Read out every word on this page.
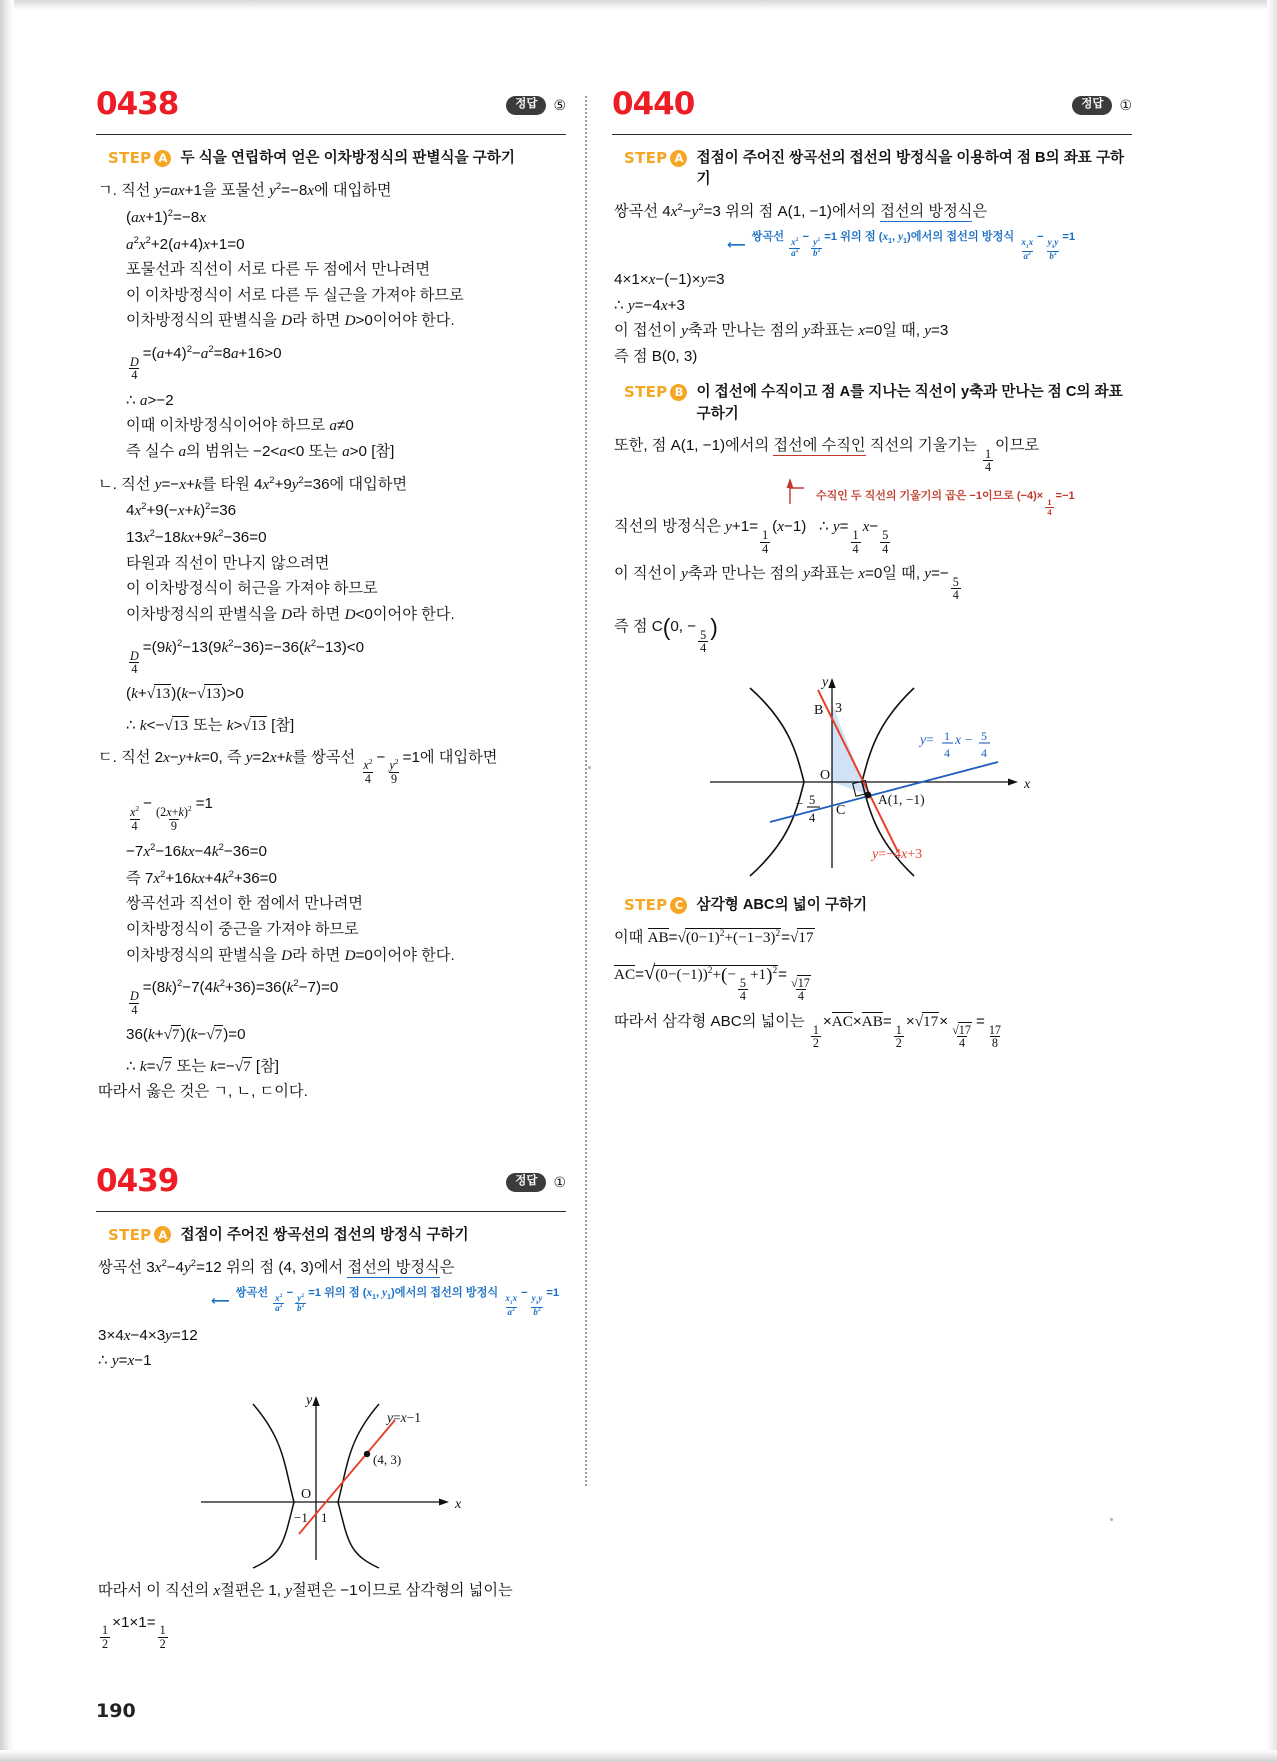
0438	정답	⑤
STEP A 두 식을 연립하여 얻은 이차방정식의 판별식을 구하기
ㄱ. 직선 y=ax+1을 포물선 $y^2=-8x$에 대입하면
$(ax+1)^2=-8x$
$a^2x^2+2(a+4)x+1=0$
포물선과 직선이 서로 다른 두 점에서 만나려면
이 이차방정식이 서로 다른 두 실근을 가져야 하므로
이차방정식의 판별식을 D라 하면 D>0이어야 한다.
$\frac{D}{4}$
$=(a+4)^2-a^2=8a+16>0$
∴ a>−2
이때 이차방정식이어야 하므로 a≠0
즉 실수 a의 범위는 −2<a<0 또는 a>0 [참]
ㄴ. 직선 y=−x+k를 타원 $4x^2+9y^2=36$에 대입하면
$4x^2+9(-x+k)^2=36$
$13x^2-18kx+9k^2-36=0$
타원과 직선이 만나지 않으려면
이 이차방정식이 허근을 가져야 하므로
이차방정식의 판별식을 D라 하면 D<0이어야 한다.
$\frac{D}{4}$
$=(9k)^2-13(9k^2-36)=-36(k^2-13)<0$
(k+√13)(k−√13)>0
∴ k<−√13 또는 k>√13 [참]
ㄷ. 직선 2x−y+k=0, 즉 y=2x+k를 쌍곡선
$\frac{x^2}{4}$
−
$\frac{y^2}{9}$
=1에 대입하면
$\frac{x^2}{4}$
−
$\frac{(2x+k)^2}{9}$
=1
$-7x^2-16kx-4k^2-36=0$
즉 $7x^2+16kx+4k^2+36=0$
쌍곡선과 직선이 한 점에서 만나려면
이차방정식이 중근을 가져야 하므로
이차방정식의 판별식을 D라 하면 D=0이어야 한다.
$\frac{D}{4}$
$=(8k)^2-7(4k^2+36)=36(k^2-7)=0$
36(k+√7)(k−√7)=0
∴ k=√7 또는 k=−√7 [참]
따라서 옳은 것은 ㄱ, ㄴ, ㄷ이다.
0439	정답	①
STEP A 접점이 주어진 쌍곡선의 접선의 방정식 구하기
쌍곡선 $3x^2-4y^2=12$ 위의 점 (4, 3)에서 접선의 방정식은
⟵ 쌍곡선
$\frac{x^2}{a^2}$
−
$\frac{y^2}{b^2}$
=1 위의 점 ($x_1$, $y_1$)에서의 접선의 방정식
$\frac{x_1x}{a^2}$
−
$\frac{y_1y}{b^2}$
=1
3×4x−4×3y=12
∴ y=x−1
x
y
(4, 3)
y=x−1
O
−1 1
따라서 이 직선의 x절편은 1, y절편은 −1이므로 삼각형의 넓이는
$\frac{1}{2}$
×1×1=
$\frac{1}{2}$
0440	정답	①
STEP A 접점이 주어진 쌍곡선의 접선의 방정식을 이용하여 점 B의 좌표 구하기
쌍곡선 $4x^2-y^2=3$ 위의 점 A(1, −1)에서의 접선의 방정식은
⟵ 쌍곡선
$\frac{x^2}{a^2}$
−
$\frac{y^2}{b^2}$
=1 위의 점 ($x_1$, $y_1$)에서의 접선의 방정식
$\frac{x_1x}{a^2}$
−
$\frac{y_1y}{b^2}$
=1
4×1×x−(−1)×y=3
∴ y=−4x+3
이 접선이 y축과 만나는 점의 y좌표는 x=0일 때, y=3
즉 점 B(0, 3)
STEP B 이 접선에 수직이고 점 A를 지나는 직선이 y축과 만나는 점 C의 좌표 구하기
또한, 점 A(1, −1)에서의 접선에 수직인 직선의 기울기는
$\frac{1}{4}$
이므로
수직인 두 직선의 기울기의 곱은 −1이므로 (−4)×
$\frac{1}{4}$
=−1
직선의 방정식은 y+1=
$\frac{1}{4}$
(x−1)   ∴ y=
$\frac{1}{4}$
x−
$\frac{5}{4}$
이 직선이 y축과 만나는 점의 y좌표는 x=0일 때, y=−
$\frac{5}{4}$
즉 점 C(0, −
$\frac{5}{4}$
)
x
y
B 3
O
C
− 5
4
A(1, −1)
y= 1
4
x − 5
4
y=−4x+3
STEP C 삼각형 ABC의 넓이 구하기
이때 $AB=√(0-1)^2+(-1-3)^2=√17$
$AC=√(0-(-1))^2+(-$
$\frac{5}{4}$
+1)$^2$=
$\frac{√17}{4}$
따라서 삼각형 ABC의 넓이는
$\frac{1}{2}$
×AC×AB=
$\frac{1}{2}$
×√17×
$\frac{√17}{4}$
=
$\frac{17}{8}$
190
